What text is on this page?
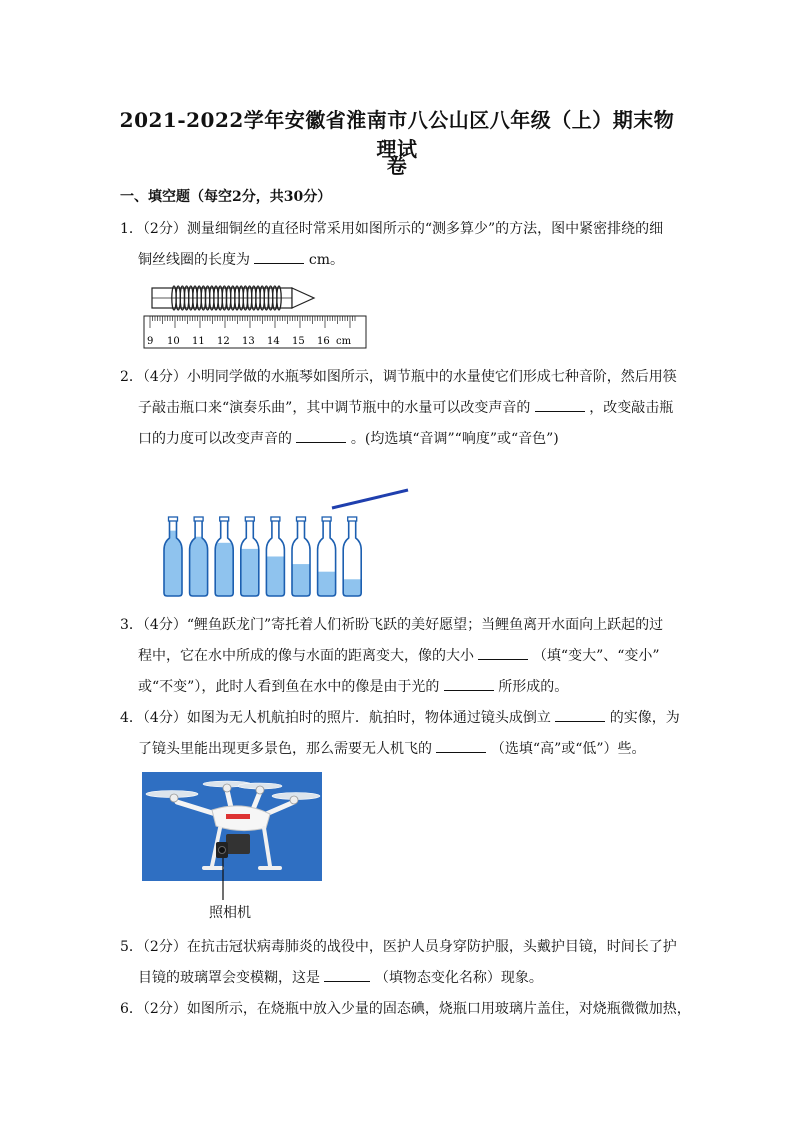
2021-2022学年安徽省淮南市八公山区八年级（上）期末物理试
卷
一、填空题（每空2分，共30分）
1．（2分）测量细铜丝的直径时常采用如图所示的“测多算少”的方法，图中紧密排绕的细
铜丝线圈的长度为	cm。
9 10 11 12 13 14 15 16 cm
2．（4分）小明同学做的水瓶琴如图所示，调节瓶中的水量使它们形成七种音阶，然后用筷
子敲击瓶口来“演奏乐曲”，其中调节瓶中的水量可以改变声音的	，改变敲击瓶
口的力度可以改变声音的	。(均选填“音调”“响度”或“音色”)
3．（4分）“鲤鱼跃龙门”寄托着人们祈盼飞跃的美好愿望；当鲤鱼离开水面向上跃起的过
程中，它在水中所成的像与水面的距离变大，像的大小	（填“变大”、“变小”
或“不变”），此时人看到鱼在水中的像是由于光的	所形成的。
4．（4分）如图为无人机航拍时的照片．航拍时，物体通过镜头成倒立	的实像，为
了镜头里能出现更多景色，那么需要无人机飞的	（选填“高”或“低”）些。
照相机
5．（2分）在抗击冠状病毒肺炎的战役中，医护人员身穿防护服，头戴护目镜，时间长了护
目镜的玻璃罩会变模糊，这是	（填物态变化名称）现象。
6．（2分）如图所示，在烧瓶中放入少量的固态碘，烧瓶口用玻璃片盖住，对烧瓶微微加热，
